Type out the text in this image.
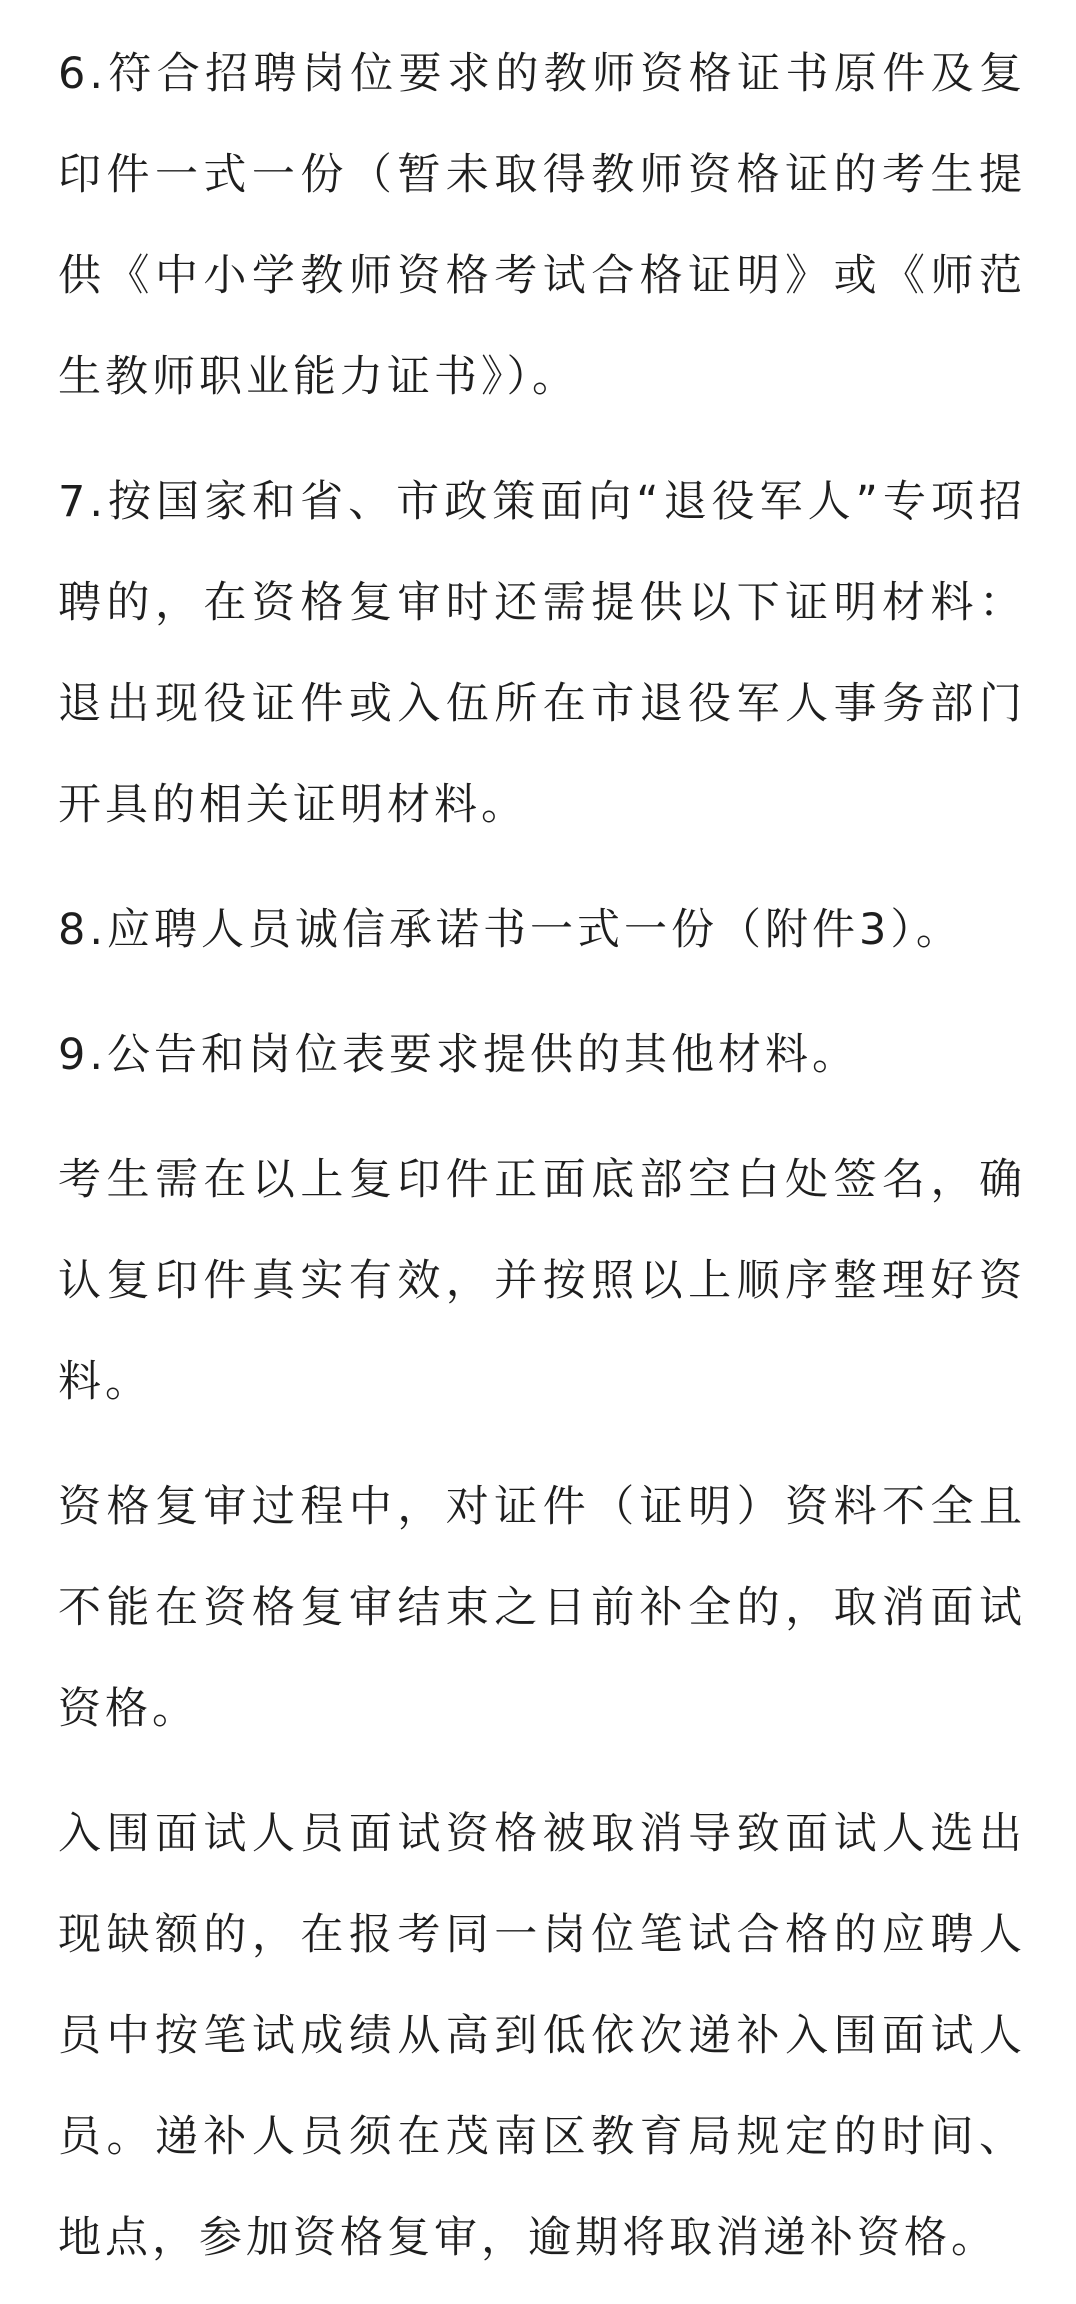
6.符合招聘岗位要求的教师资格证书原件及复印件一式一份（暂未取得教师资格证的考生提供《中小学教师资格考试合格证明》或《师范生教师职业能力证书》）。

7.按国家和省、市政策面向“退役军人”专项招聘的，在资格复审时还需提供以下证明材料：退出现役证件或入伍所在市退役军人事务部门开具的相关证明材料。

8.应聘人员诚信承诺书一式一份（附件3）。

9.公告和岗位表要求提供的其他材料。

考生需在以上复印件正面底部空白处签名，确认复印件真实有效，并按照以上顺序整理好资料。

资格复审过程中，对证件（证明）资料不全且不能在资格复审结束之日前补全的，取消面试资格。

入围面试人员面试资格被取消导致面试人选出现缺额的，在报考同一岗位笔试合格的应聘人员中按笔试成绩从高到低依次递补入围面试人员。递补人员须在茂南区教育局规定的时间、地点，参加资格复审，逾期将取消递补资格。
